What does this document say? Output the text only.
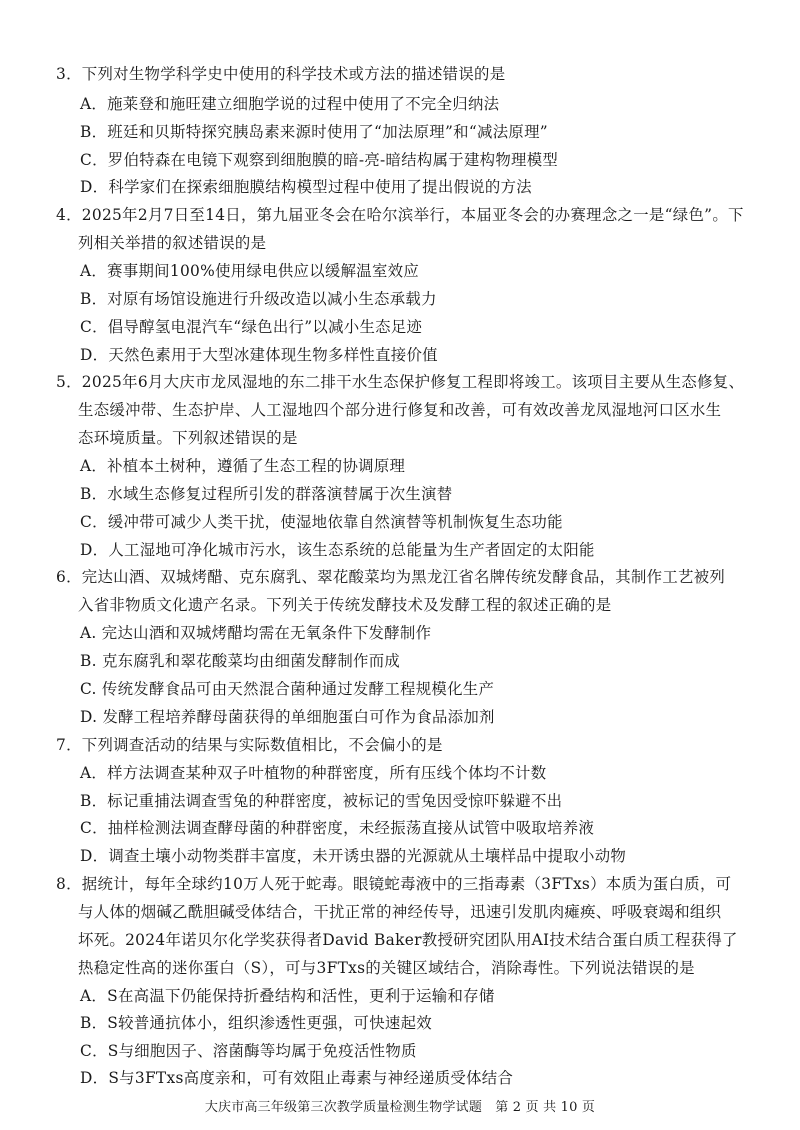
3．下列对生物学科学史中使用的科学技术或方法的描述错误的是
A．施莱登和施旺建立细胞学说的过程中使用了不完全归纳法
B．班廷和贝斯特探究胰岛素来源时使用了“加法原理”和“减法原理”
C．罗伯特森在电镜下观察到细胞膜的暗-亮-暗结构属于建构物理模型
D．科学家们在探索细胞膜结构模型过程中使用了提出假说的方法
4．2025年2月7日至14日，第九届亚冬会在哈尔滨举行，本届亚冬会的办赛理念之一是“绿色”。下
列相关举措的叙述错误的是
A．赛事期间100%使用绿电供应以缓解温室效应
B．对原有场馆设施进行升级改造以减小生态承载力
C．倡导醇氢电混汽车“绿色出行”以减小生态足迹
D．天然色素用于大型冰建体现生物多样性直接价值
5．2025年6月大庆市龙凤湿地的东二排干水生态保护修复工程即将竣工。该项目主要从生态修复、
生态缓冲带、生态护岸、人工湿地四个部分进行修复和改善，可有效改善龙凤湿地河口区水生
态环境质量。下列叙述错误的是
A．补植本土树种，遵循了生态工程的协调原理
B．水域生态修复过程所引发的群落演替属于次生演替
C．缓冲带可减少人类干扰，使湿地依靠自然演替等机制恢复生态功能
D．人工湿地可净化城市污水，该生态系统的总能量为生产者固定的太阳能
6．完达山酒、双城烤醋、克东腐乳、翠花酸菜均为黑龙江省名牌传统发酵食品，其制作工艺被列
入省非物质文化遗产名录。下列关于传统发酵技术及发酵工程的叙述正确的是
A. 完达山酒和双城烤醋均需在无氧条件下发酵制作
B. 克东腐乳和翠花酸菜均由细菌发酵制作而成
C. 传统发酵食品可由天然混合菌种通过发酵工程规模化生产
D. 发酵工程培养酵母菌获得的单细胞蛋白可作为食品添加剂
7．下列调查活动的结果与实际数值相比，不会偏小的是
A．样方法调查某种双子叶植物的种群密度，所有压线个体均不计数
B．标记重捕法调查雪兔的种群密度，被标记的雪兔因受惊吓躲避不出
C．抽样检测法调查酵母菌的种群密度，未经振荡直接从试管中吸取培养液
D．调查土壤小动物类群丰富度，未开诱虫器的光源就从土壤样品中提取小动物
8．据统计，每年全球约10万人死于蛇毒。眼镜蛇毒液中的三指毒素（3FTxs）本质为蛋白质，可
与人体的烟碱乙酰胆碱受体结合，干扰正常的神经传导，迅速引发肌肉瘫痪、呼吸衰竭和组织
坏死。2024年诺贝尔化学奖获得者David Baker教授研究团队用AI技术结合蛋白质工程获得了
热稳定性高的迷你蛋白（S），可与3FTxs的关键区域结合，消除毒性。下列说法错误的是
A．S在高温下仍能保持折叠结构和活性，更利于运输和存储
B．S较普通抗体小，组织渗透性更强，可快速起效
C．S与细胞因子、溶菌酶等均属于免疫活性物质
D．S与3FTxs高度亲和，可有效阻止毒素与神经递质受体结合
大庆市高三年级第三次教学质量检测生物学试题　第 2 页 共 10 页
